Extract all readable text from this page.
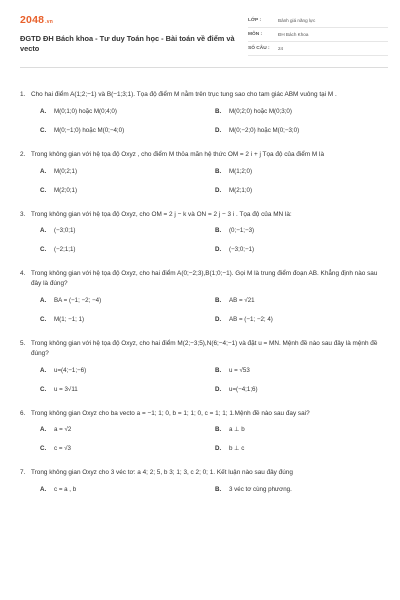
2048.vn
ĐGTD ĐH Bách khoa - Tư duy Toán học - Bài toán về điểm và vecto
LỚP :	Bảnh giá năng lực
MÔN :	ĐH Bách Khoa
SỐ CÂU :	24
1. Cho hai điểm A(1;2;−1) và B(−1;3;1). Tọa độ điểm M nằm trên trục tung sao cho tam giác ABM vuông tại M .
A.	M(0;1;0) hoặc M(0;4;0)	B.	M(0;2;0) hoặc M(0;3;0)
C.	M(0;−1;0) hoặc M(0;−4;0)	D.	M(0;−2;0) hoặc M(0;−3;0)
2. Trong không gian với hệ tọa độ Oxyz , cho điểm M thỏa mãn hệ thức OM = 2 i + j Tọa độ của điểm M là
A.	M(0;2;1)	B.	M(1;2;0)
C.	M(2;0;1)	D.	M(2;1;0)
3. Trong không gian với hệ tọa độ Oxyz, cho OM = 2 j − k và ON = 2 j − 3 i . Tọa độ của MN là:
A.	(−3;0;1)	B.	(0;−1;−3)
C.	(−2;1;1)	D.	(−3;0;−1)
4. Trong không gian với hệ tọa độ Oxyz, cho hai điểm A(0;−2;3),B(1;0;−1). Gọi M là trung điểm đoạn AB. Khẳng định nào sau đây là đúng?
A.	BA = (−1; −2; −4)	B.	AB = √21
C.	M(1; −1; 1)	D.	AB = (−1; −2; 4)
5. Trong không gian với hệ tọa độ Oxyz, cho hai điểm M(2;−3;5),N(6;−4;−1) và đặt u = MN. Mệnh đề nào sau đây là mệnh đề đúng?
A.	u=(4;−1;−6)	B.	u = √53
C.	u = 3√11	D.	u=(−4;1;6)
6. Trong không gian Oxyz cho ba vecto a = −1; 1; 0, b = 1; 1; 0, c = 1; 1; 1.Mệnh đề nào sau đay sai?
A.	a = √2	B.	a ⊥ b
C.	c = √3	D.	b ⊥ c
7. Trong không gian Oxyz cho 3 véc tơ: a 4; 2; 5, b 3; 1; 3, c 2; 0; 1. Kết luận nào sau đây đúng
A.	c = a , b	B.	3 véc tơ cùng phương.
